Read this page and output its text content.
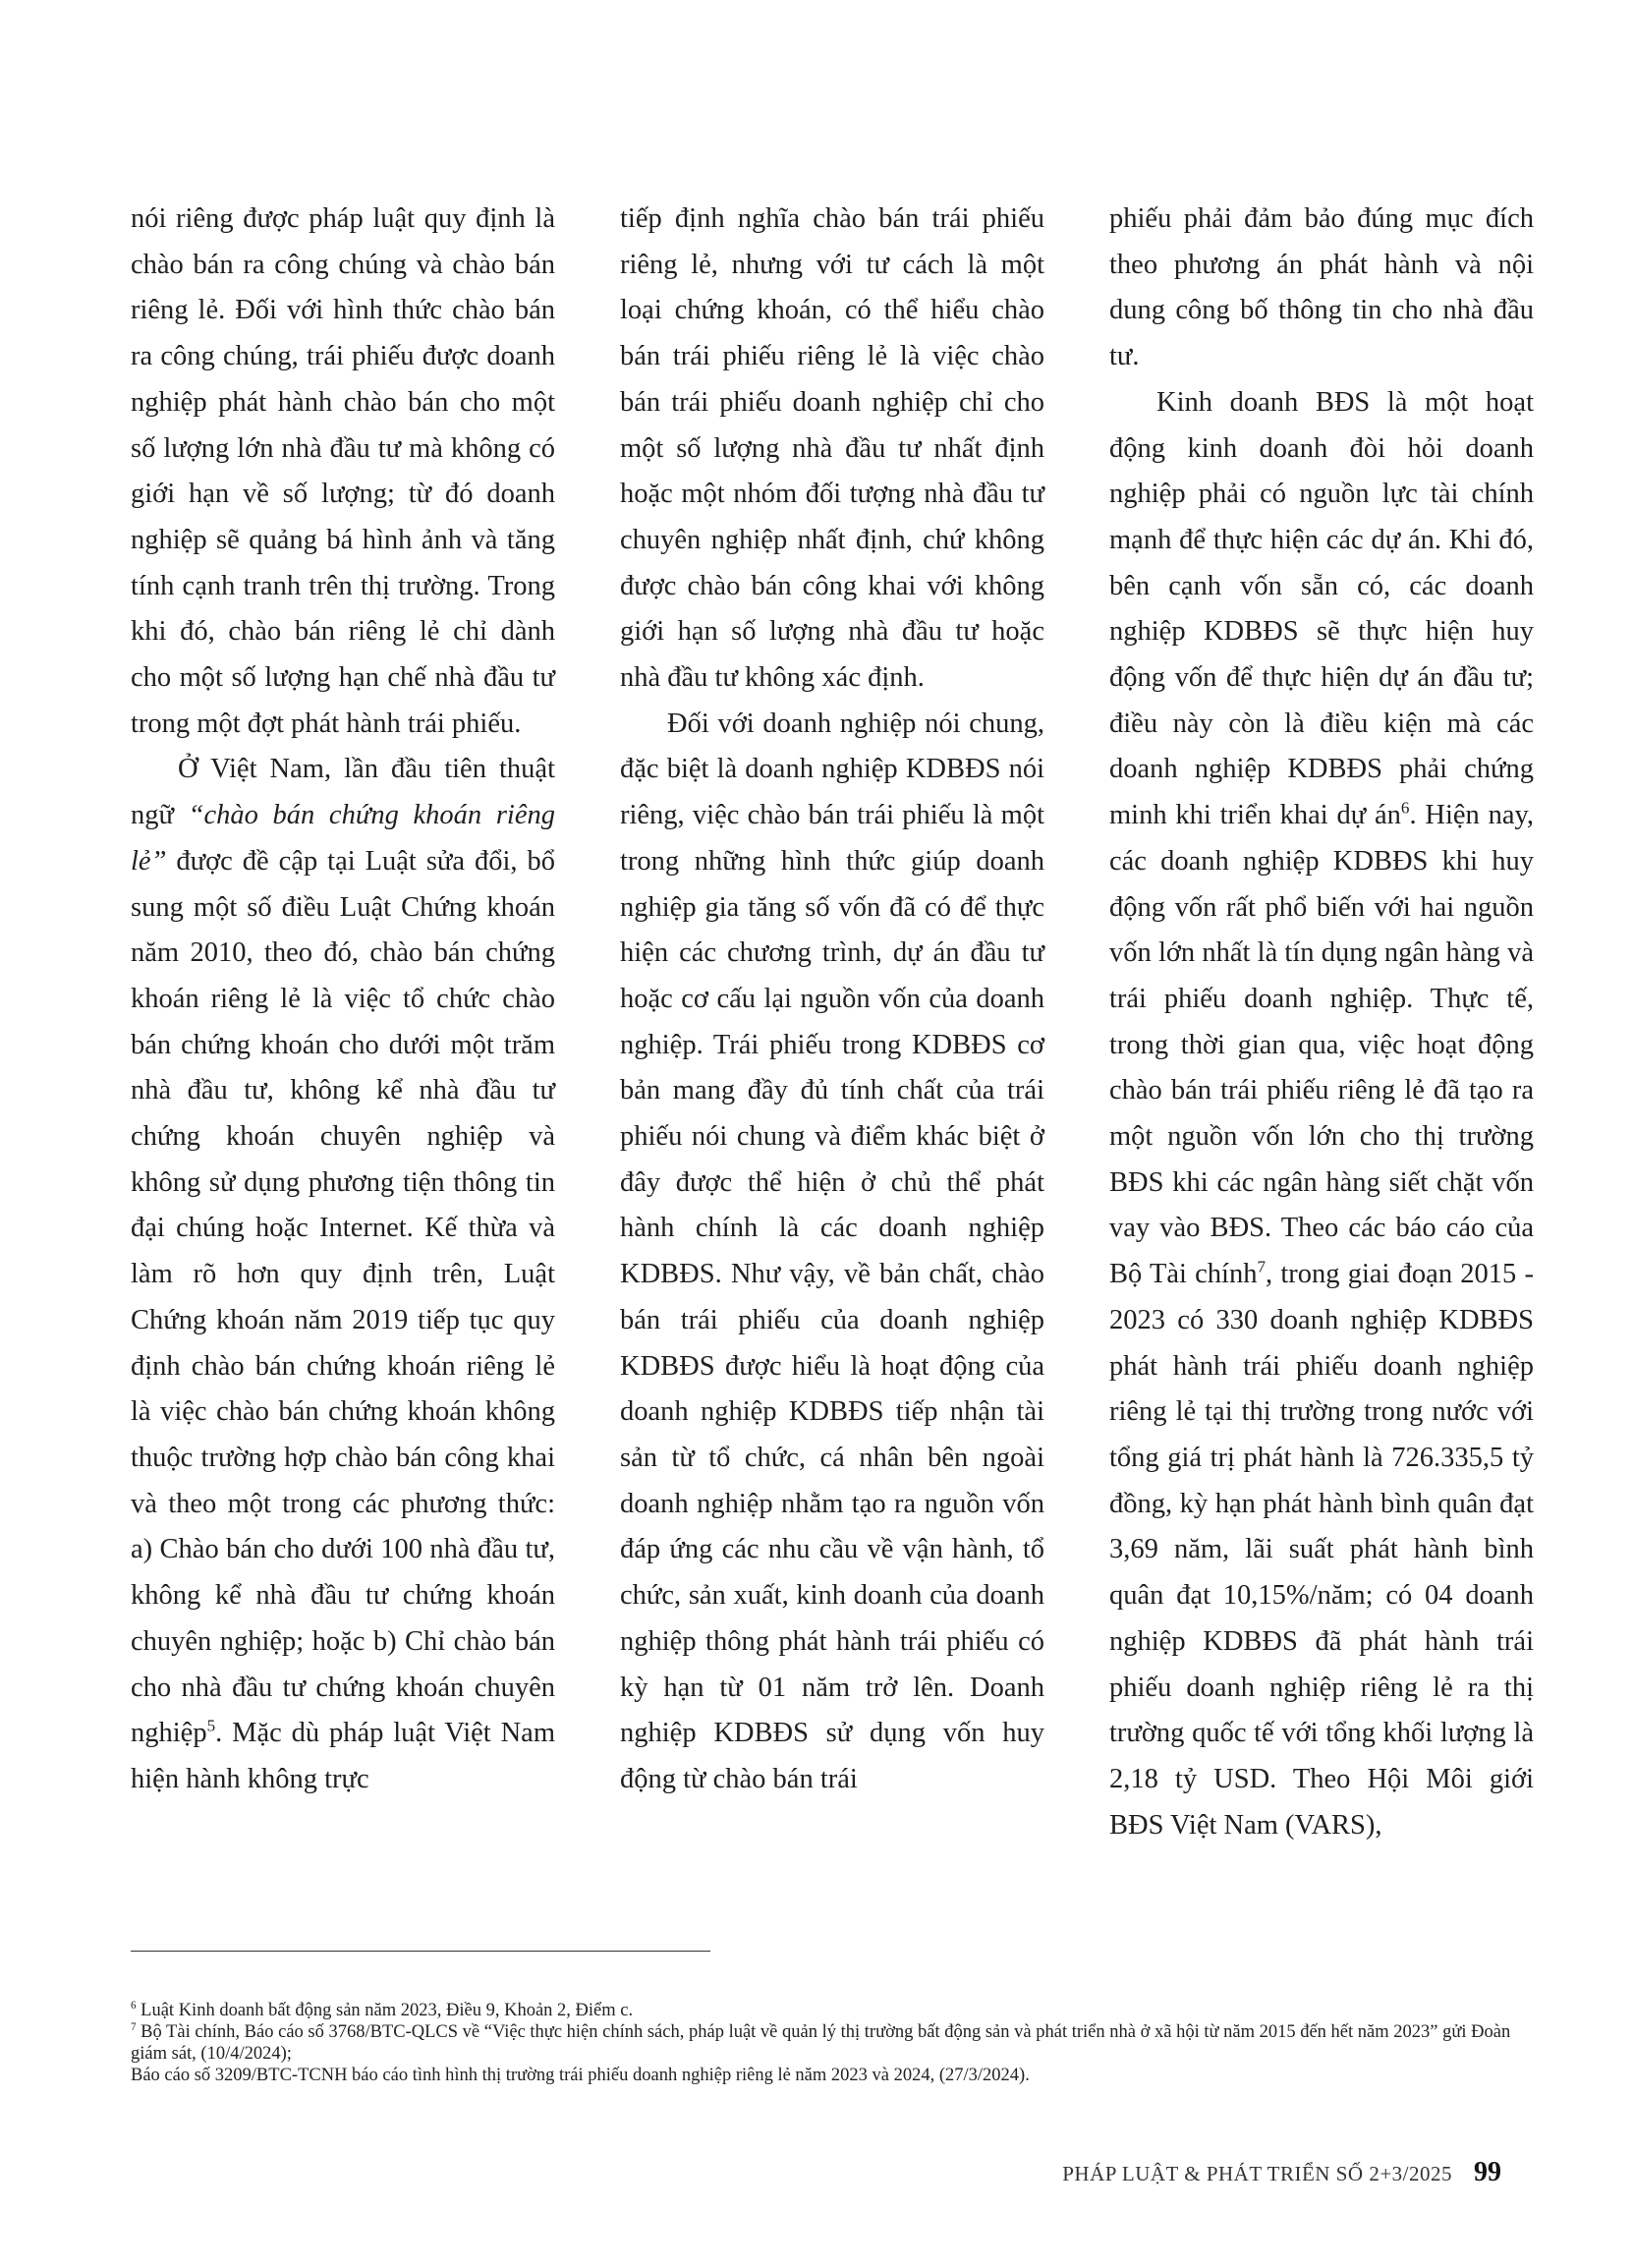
nói riêng được pháp luật quy định là chào bán ra công chúng và chào bán riêng lẻ. Đối với hình thức chào bán ra công chúng, trái phiếu được doanh nghiệp phát hành chào bán cho một số lượng lớn nhà đầu tư mà không có giới hạn về số lượng; từ đó doanh nghiệp sẽ quảng bá hình ảnh và tăng tính cạnh tranh trên thị trường. Trong khi đó, chào bán riêng lẻ chỉ dành cho một số lượng hạn chế nhà đầu tư trong một đợt phát hành trái phiếu.

Ở Việt Nam, lần đầu tiên thuật ngữ “chào bán chứng khoán riêng lẻ” được đề cập tại Luật sửa đổi, bổ sung một số điều Luật Chứng khoán năm 2010, theo đó, chào bán chứng khoán riêng lẻ là việc tổ chức chào bán chứng khoán cho dưới một trăm nhà đầu tư, không kể nhà đầu tư chứng khoán chuyên nghiệp và không sử dụng phương tiện thông tin đại chúng hoặc Internet. Kế thừa và làm rõ hơn quy định trên, Luật Chứng khoán năm 2019 tiếp tục quy định chào bán chứng khoán riêng lẻ là việc chào bán chứng khoán không thuộc trường hợp chào bán công khai và theo một trong các phương thức: a) Chào bán cho dưới 100 nhà đầu tư, không kể nhà đầu tư chứng khoán chuyên nghiệp; hoặc b) Chỉ chào bán cho nhà đầu tư chứng khoán chuyên nghiệp$^5$. Mặc dù pháp luật Việt Nam hiện hành không trực

tiếp định nghĩa chào bán trái phiếu riêng lẻ, nhưng với tư cách là một loại chứng khoán, có thể hiểu chào bán trái phiếu riêng lẻ là việc chào bán trái phiếu doanh nghiệp chỉ cho một số lượng nhà đầu tư nhất định hoặc một nhóm đối tượng nhà đầu tư chuyên nghiệp nhất định, chứ không được chào bán công khai với không giới hạn số lượng nhà đầu tư hoặc nhà đầu tư không xác định.

Đối với doanh nghiệp nói chung, đặc biệt là doanh nghiệp KDBĐS nói riêng, việc chào bán trái phiếu là một trong những hình thức giúp doanh nghiệp gia tăng số vốn đã có để thực hiện các chương trình, dự án đầu tư hoặc cơ cấu lại nguồn vốn của doanh nghiệp. Trái phiếu trong KDBĐS cơ bản mang đầy đủ tính chất của trái phiếu nói chung và điểm khác biệt ở đây được thể hiện ở chủ thể phát hành chính là các doanh nghiệp KDBĐS. Như vậy, về bản chất, chào bán trái phiếu của doanh nghiệp KDBĐS được hiểu là hoạt động của doanh nghiệp KDBĐS tiếp nhận tài sản từ tổ chức, cá nhân bên ngoài doanh nghiệp nhằm tạo ra nguồn vốn đáp ứng các nhu cầu về vận hành, tổ chức, sản xuất, kinh doanh của doanh nghiệp thông phát hành trái phiếu có kỳ hạn từ 01 năm trở lên. Doanh nghiệp KDBĐS sử dụng vốn huy động từ chào bán trái

phiếu phải đảm bảo đúng mục đích theo phương án phát hành và nội dung công bố thông tin cho nhà đầu tư.

Kinh doanh BĐS là một hoạt động kinh doanh đòi hỏi doanh nghiệp phải có nguồn lực tài chính mạnh để thực hiện các dự án. Khi đó, bên cạnh vốn sẵn có, các doanh nghiệp KDBĐS sẽ thực hiện huy động vốn để thực hiện dự án đầu tư; điều này còn là điều kiện mà các doanh nghiệp KDBĐS phải chứng minh khi triển khai dự $án^6$. Hiện nay, các doanh nghiệp KDBĐS khi huy động vốn rất phổ biến với hai nguồn vốn lớn nhất là tín dụng ngân hàng và trái phiếu doanh nghiệp. Thực tế, trong thời gian qua, việc hoạt động chào bán trái phiếu riêng lẻ đã tạo ra một nguồn vốn lớn cho thị trường BĐS khi các ngân hàng siết chặt vốn vay vào BĐS. Theo các báo cáo của Bộ Tài chính$^7$, trong giai đoạn 2015 - 2023 có 330 doanh nghiệp KDBĐS phát hành trái phiếu doanh nghiệp riêng lẻ tại thị trường trong nước với tổng giá trị phát hành là 726.335,5 tỷ đồng, kỳ hạn phát hành bình quân đạt 3,69 năm, lãi suất phát hành bình quân đạt 10,15%/năm; có 04 doanh nghiệp KDBĐS đã phát hành trái phiếu doanh nghiệp riêng lẻ ra thị trường quốc tế với tổng khối lượng là 2,18 tỷ USD. Theo Hội Môi giới BĐS Việt Nam (VARS),

$^6$ Luật Kinh doanh bất động sản năm 2023, Điều 9, Khoản 2, Điểm c.
$^7$ Bộ Tài chính, Báo cáo số 3768/BTC-QLCS về “Việc thực hiện chính sách, pháp luật về quản lý thị trường bất động sản và phát triển nhà ở xã hội từ năm 2015 đến hết năm 2023” gửi Đoàn giám sát, (10/4/2024);
Báo cáo số 3209/BTC-TCNH báo cáo tình hình thị trường trái phiếu doanh nghiệp riêng lẻ năm 2023 và 2024, (27/3/2024).
PHÁP LUẬT & PHÁT TRIỂN SỐ 2+3/2025 99
